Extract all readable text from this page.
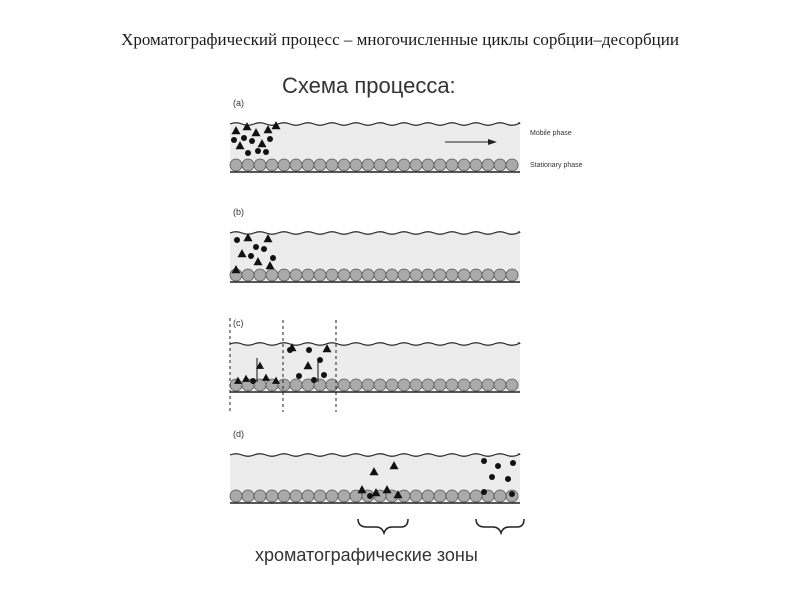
Хроматографический процесс – многочисленные циклы сорбции–десорбции
Схема процесса:
(a)
(b)
(c)
(d)
Mobile phase
Stationary phase
хроматографические зоны
